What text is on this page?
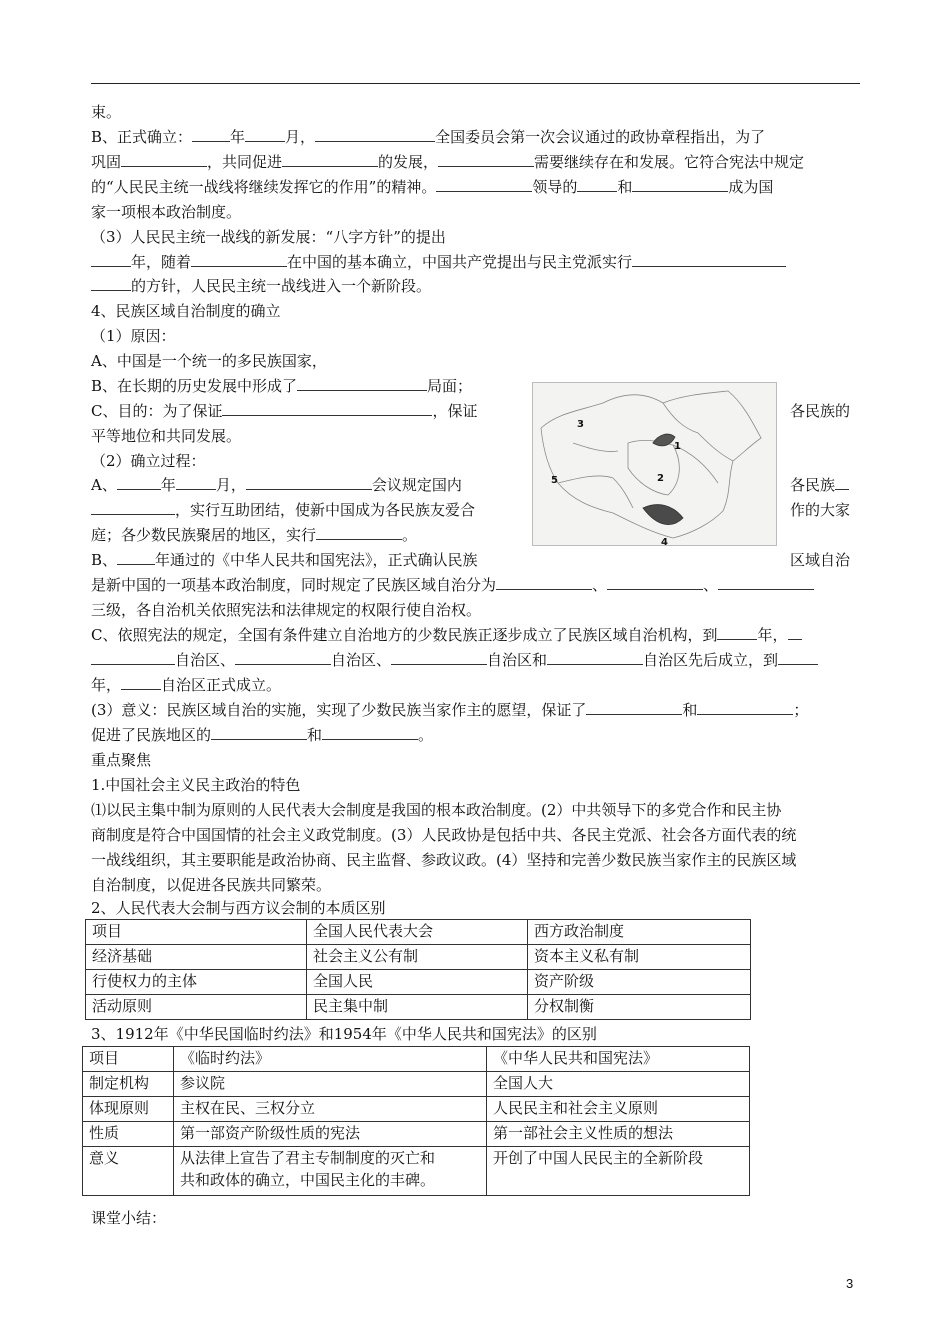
束。
B、正式确立：	年	月，	全国委员会第一次会议通过的政协章程指出，为了
巩固	，共同促进	的发展，	需要继续存在和发展。它符合宪法中规定
的“人民民主统一战线将继续发挥它的作用”的精神。	领导的	和	成为国
家一项根本政治制度。
（3）人民民主统一战线的新发展：“八字方针”的提出
年，随着	在中国的基本确立，中国共产党提出与民主党派实行
的方针，人民民主统一战线进入一个新阶段。
4、民族区域自治制度的确立
（1）原因：
A、中国是一个统一的多民族国家，
B、在长期的历史发展中形成了	局面；
C、目的：为了保证	，保证	各民族的
平等地位和共同发展。
（2）确立过程：
各民族
A、	年	月，	会议规定国内
，实行互助团结，使新中国成为各民族友爱合	作的大家
庭；各少数民族聚居的地区，实行	。
B、	年通过的《中华人民共和国宪法》，正式确认民族	区域自治
是新中国的一项基本政治制度，同时规定了民族区域自治分为	、	、
三级，各自治机关依照宪法和法律规定的权限行使自治权。
C、依照宪法的规定，全国有条件建立自治地方的少数民族正逐步成立了民族区域自治机构，到	年，
自治区、	自治区、	自治区和	自治区先后成立，到
年，	自治区正式成立。
(3）意义：民族区域自治的实施，实现了少数民族当家作主的愿望，保证了	和	；
促进了民族地区的	和	。
重点聚焦
1.中国社会主义民主政治的特色
⑴以民主集中制为原则的人民代表大会制度是我国的根本政治制度。(2）中共领导下的多党合作和民主协
商制度是符合中国国情的社会主义政党制度。(3）人民政协是包括中共、各民主党派、社会各方面代表的统
一战线组织，其主要职能是政治协商、民主监督、参政议政。(4）坚持和完善少数民族当家作主的民族区域
自治制度，以促进各民族共同繁荣。
2、人民代表大会制与西方议会制的本质区别
1
2
3
4
5
项目	全国人民代表大会	西方政治制度
经济基础	社会主义公有制	资本主义私有制
行使权力的主体	全国人民	资产阶级
活动原则	民主集中制	分权制衡
3、1912年《中华民国临时约法》和1954年《中华人民共和国宪法》的区别
项目	《临时约法》	《中华人民共和国宪法》
制定机构	参议院	全国人大
体现原则	主权在民、三权分立	人民民主和社会主义原则
性质	第一部资产阶级性质的宪法	第一部社会主义性质的想法
意义	从法律上宣告了君主专制制度的灭亡和
共和政体的确立，中国民主化的丰碑。	开创了中国人民民主的全新阶段
课堂小结：
3
